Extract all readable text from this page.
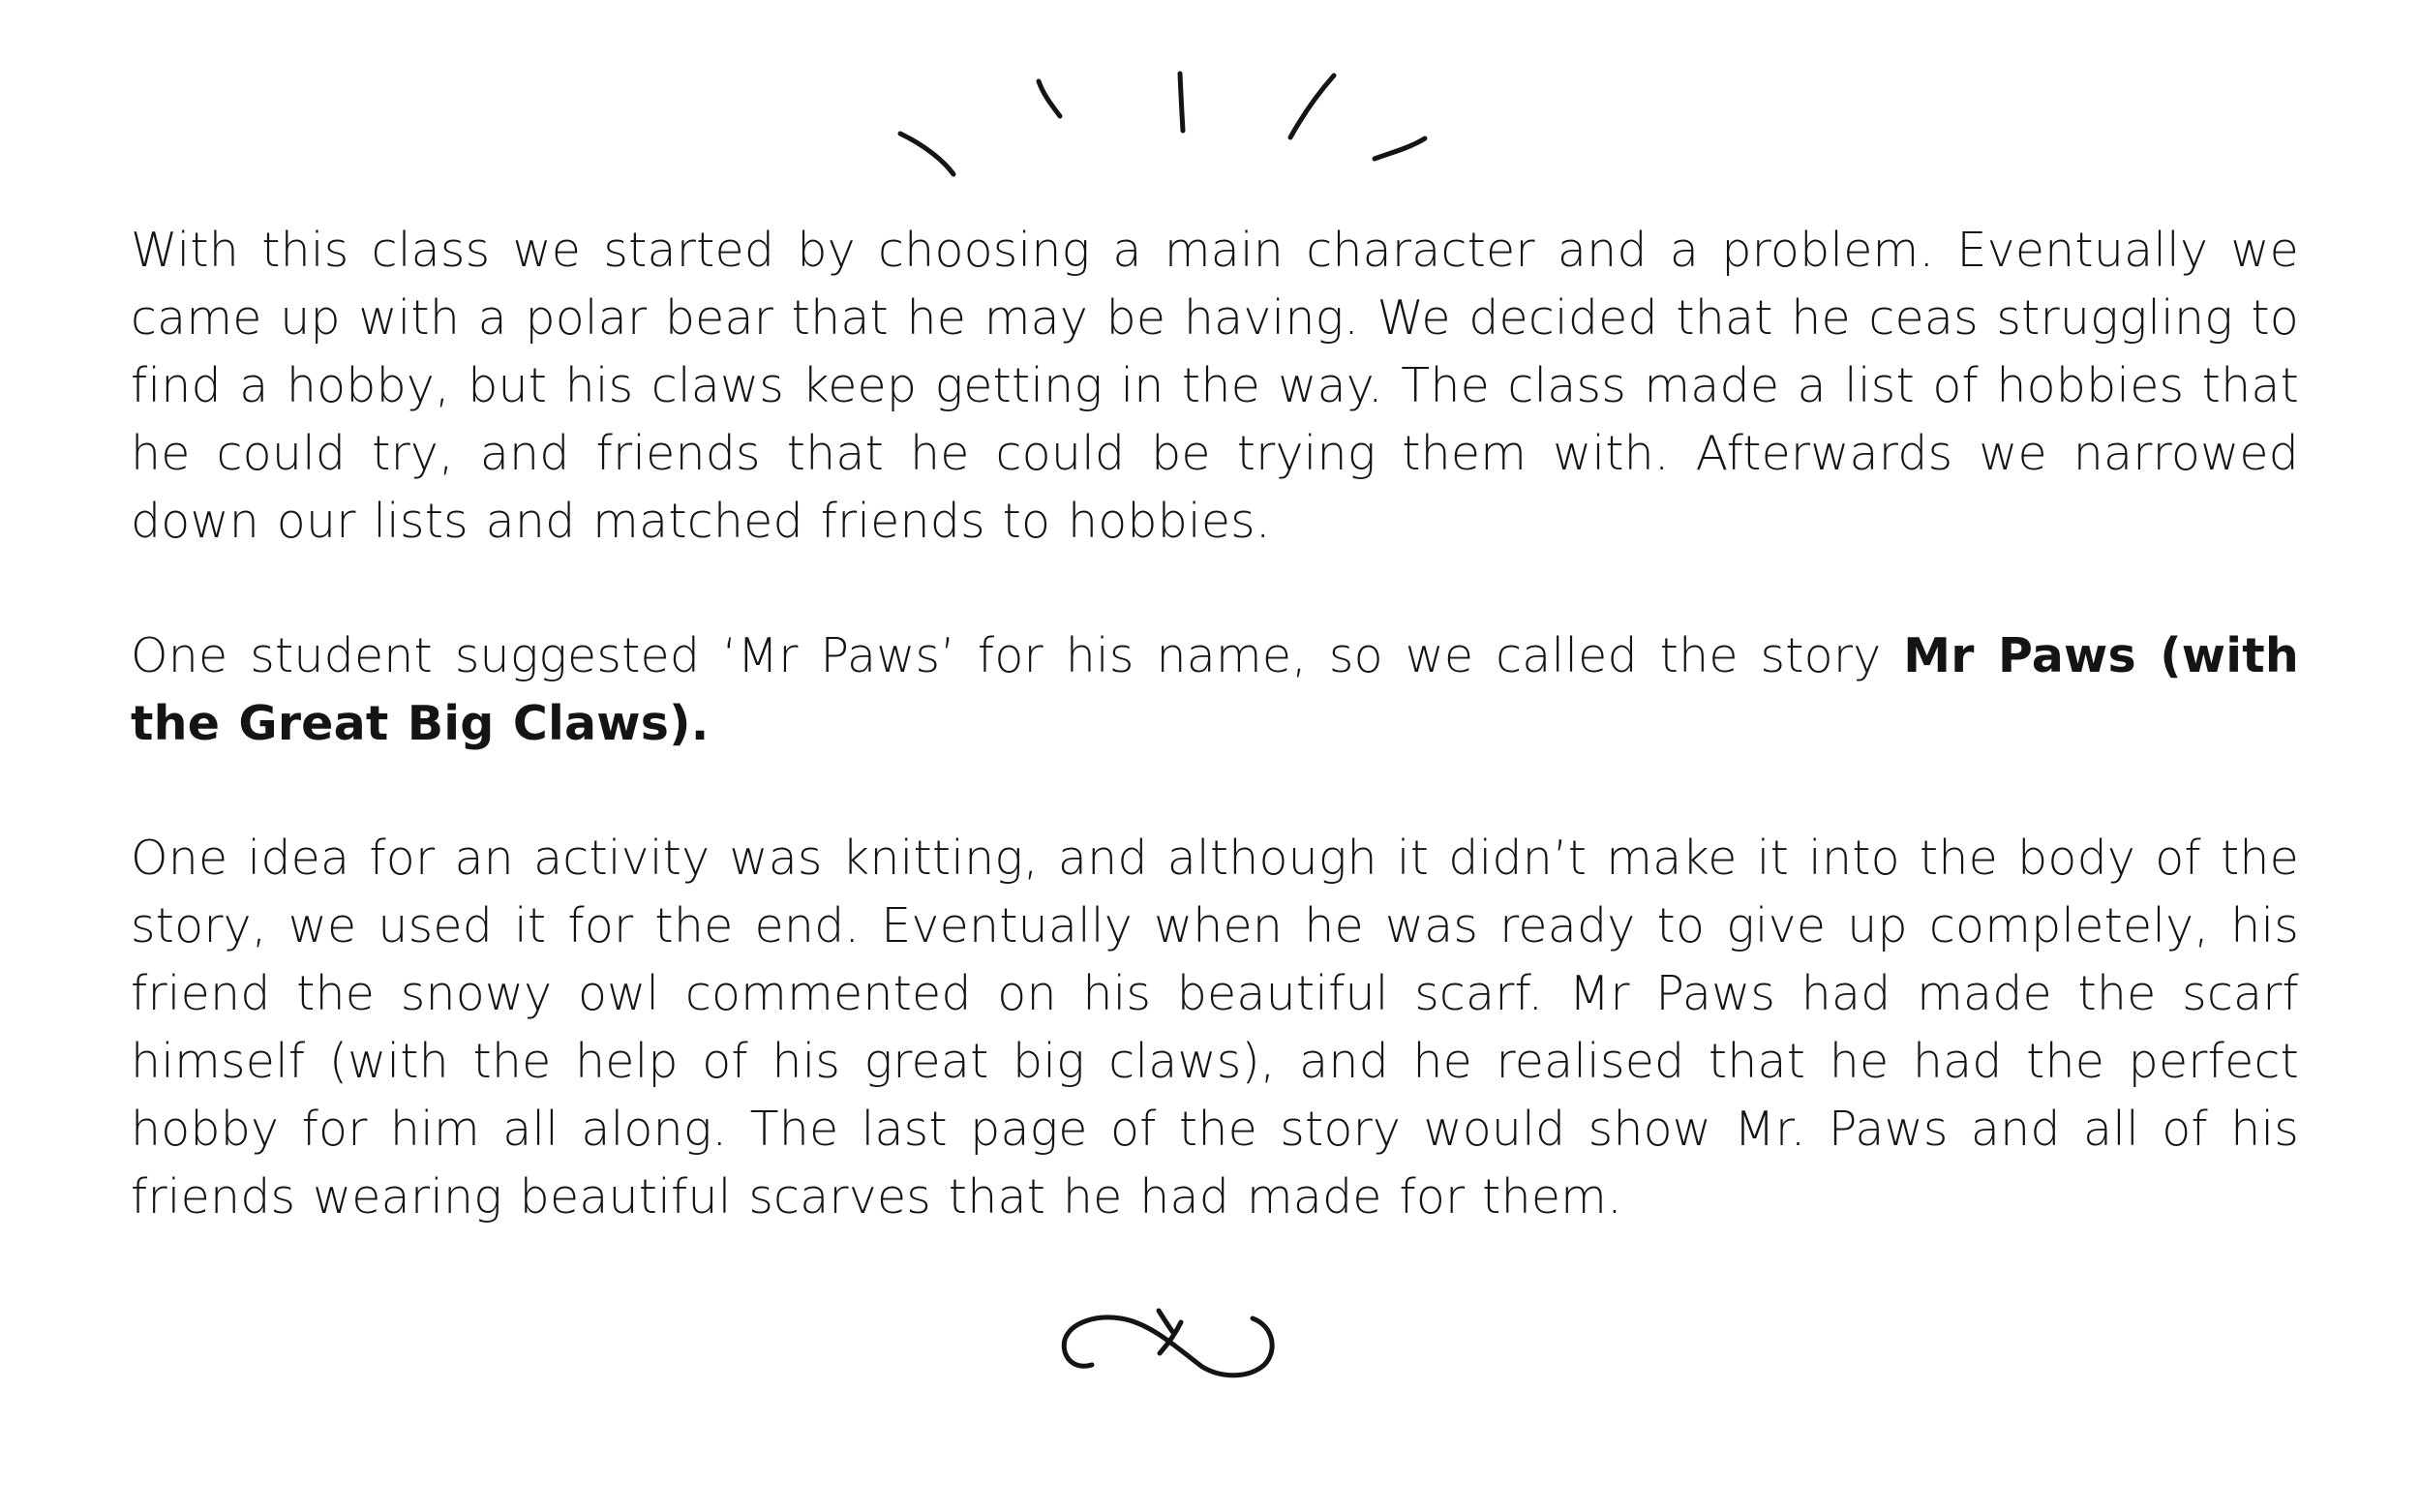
With this class we started by choosing a main character and a problem. Eventually we came up with a polar bear that he may be having. We decided that he ceas struggling to find a hobby, but his claws keep getting in the way. The class made a list of hobbies that he could try, and friends that he could be trying them with. Afterwards we narrowed down our lists and matched friends to hobbies.

One student suggested ‘Mr Paws’ for his name, so we called the story Mr Paws (with the Great Big Claws).

One idea for an activity was knitting, and although it didn’t make it into the body of the story, we used it for the end. Eventually when he was ready to give up completely, his friend the snowy owl commented on his beautiful scarf. Mr Paws had made the scarf himself (with the help of his great big claws), and he realised that he had the perfect hobby for him all along. The last page of the story would show Mr. Paws and all of his friends wearing beautiful scarves that he had made for them.
